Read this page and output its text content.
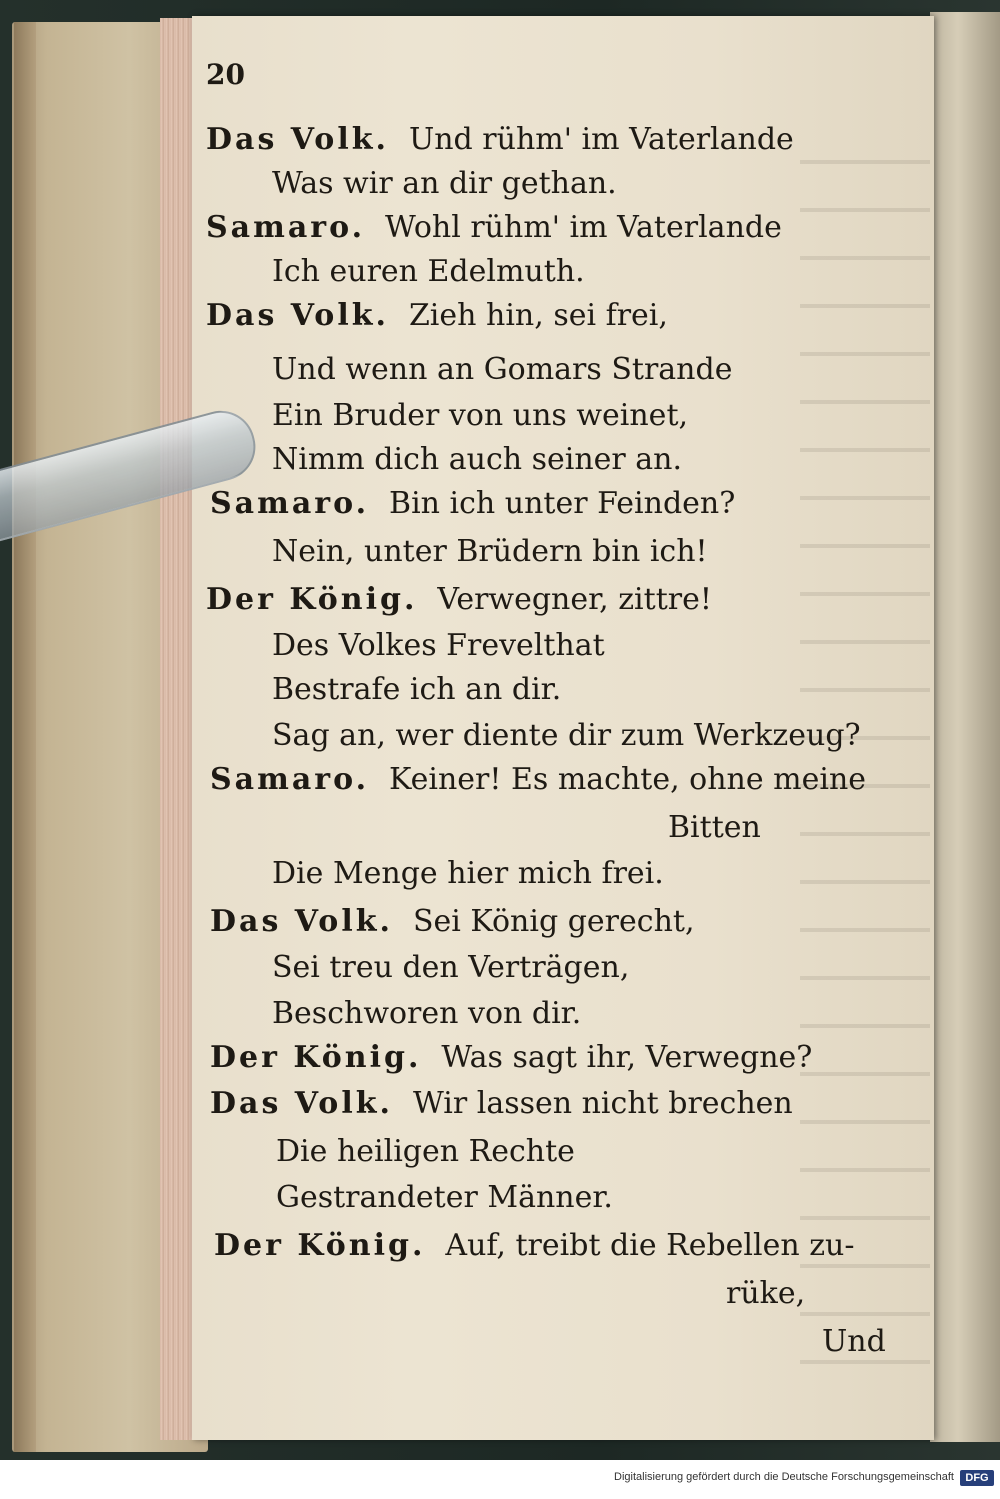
20
Das Volk. Und rühm' im Vaterlande
Was wir an dir gethan.
Samaro. Wohl rühm' im Vaterlande
Ich euren Edelmuth.
Das Volk. Zieh hin, sei frei,
Und wenn an Gomars Strande
Ein Bruder von uns weinet,
Nimm dich auch seiner an.
Samaro. Bin ich unter Feinden?
Nein, unter Brüdern bin ich!
Der König. Verwegner, zittre!
Des Volkes Frevelthat
Bestrafe ich an dir.
Sag an, wer diente dir zum Werkzeug?
Samaro. Keiner! Es machte, ohne meine
Bitten
Die Menge hier mich frei.
Das Volk. Sei König gerecht,
Sei treu den Verträgen,
Beschworen von dir.
Der König. Was sagt ihr, Verwegne?
Das Volk. Wir lassen nicht brechen
Die heiligen Rechte
Gestrandeter Männer.
Der König. Auf, treibt die Rebellen zu-
rüke,
Und
Digitalisierung gefördert durch die Deutsche Forschungsgemeinschaft	DFG
